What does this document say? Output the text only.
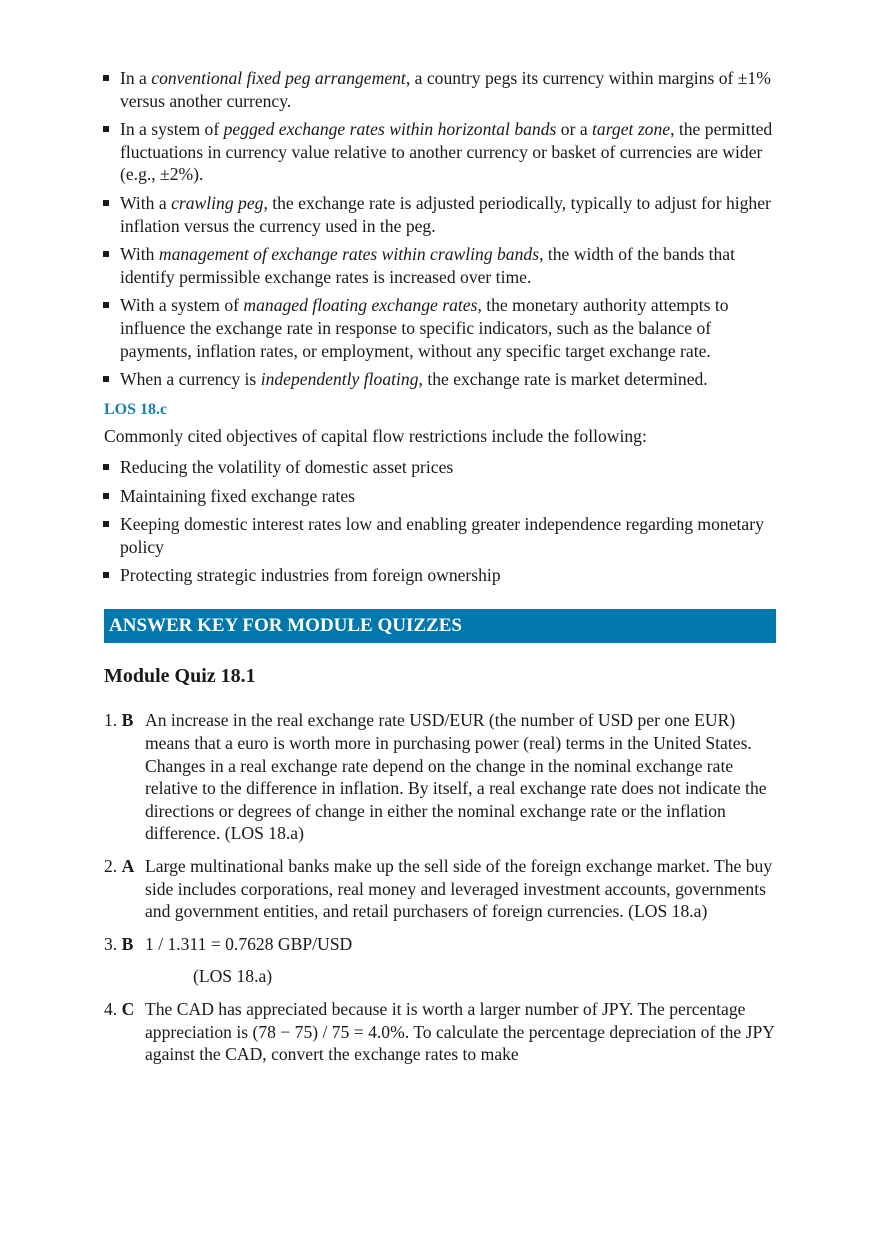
In a conventional fixed peg arrangement, a country pegs its currency within margins of ±1% versus another currency.
In a system of pegged exchange rates within horizontal bands or a target zone, the permitted fluctuations in currency value relative to another currency or basket of currencies are wider (e.g., ±2%).
With a crawling peg, the exchange rate is adjusted periodically, typically to adjust for higher inflation versus the currency used in the peg.
With management of exchange rates within crawling bands, the width of the bands that identify permissible exchange rates is increased over time.
With a system of managed floating exchange rates, the monetary authority attempts to influence the exchange rate in response to specific indicators, such as the balance of payments, inflation rates, or employment, without any specific target exchange rate.
When a currency is independently floating, the exchange rate is market determined.
LOS 18.c
Commonly cited objectives of capital flow restrictions include the following:
Reducing the volatility of domestic asset prices
Maintaining fixed exchange rates
Keeping domestic interest rates low and enabling greater independence regarding monetary policy
Protecting strategic industries from foreign ownership
ANSWER KEY FOR MODULE QUIZZES
Module Quiz 18.1
1. B An increase in the real exchange rate USD/EUR (the number of USD per one EUR) means that a euro is worth more in purchasing power (real) terms in the United States. Changes in a real exchange rate depend on the change in the nominal exchange rate relative to the difference in inflation. By itself, a real exchange rate does not indicate the directions or degrees of change in either the nominal exchange rate or the inflation difference. (LOS 18.a)
2. A Large multinational banks make up the sell side of the foreign exchange market. The buy side includes corporations, real money and leveraged investment accounts, governments and government entities, and retail purchasers of foreign currencies. (LOS 18.a)
3. B 1 / 1.311 = 0.7628 GBP/USD
(LOS 18.a)
4. C The CAD has appreciated because it is worth a larger number of JPY. The percentage appreciation is (78 − 75) / 75 = 4.0%. To calculate the percentage depreciation of the JPY against the CAD, convert the exchange rates to make
